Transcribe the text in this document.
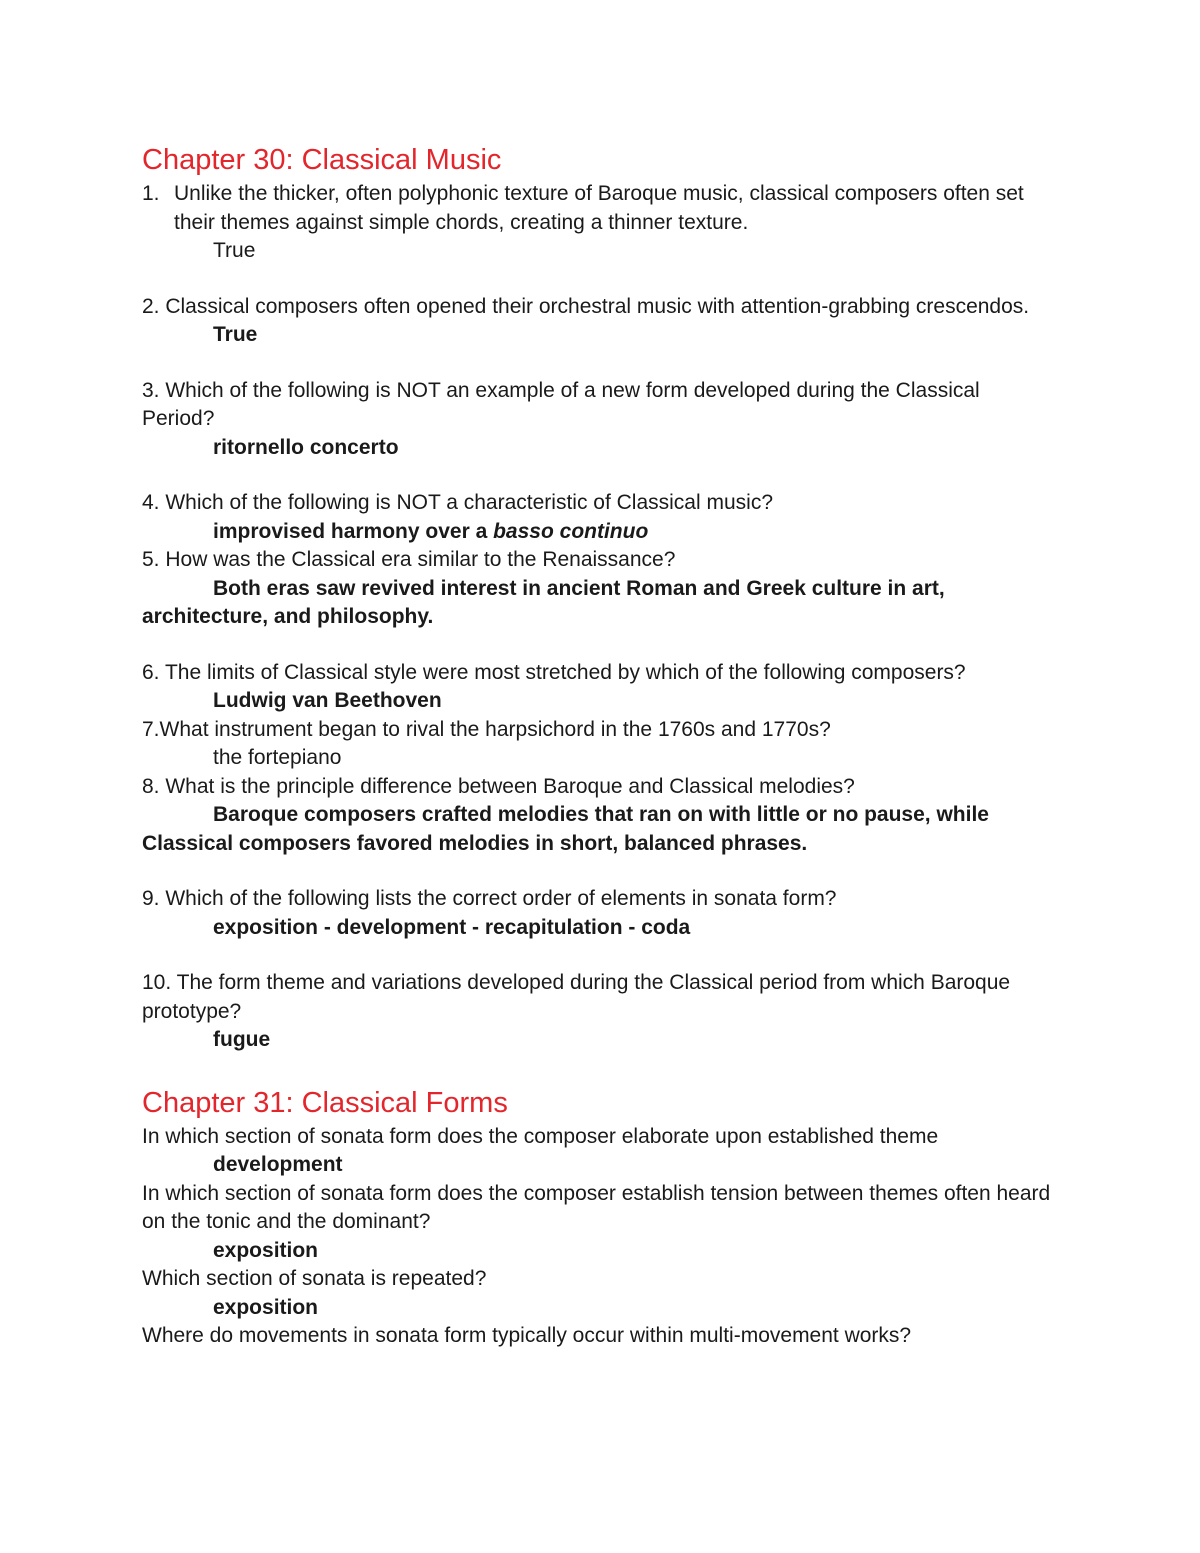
Chapter 30: Classical Music
1. Unlike the thicker, often polyphonic texture of Baroque music, classical composers often set their themes against simple chords, creating a thinner texture.

True

2. Classical composers often opened their orchestral music with attention-grabbing crescendos.

True

3. Which of the following is NOT an example of a new form developed during the Classical Period?

ritornello concerto

4. Which of the following is NOT a characteristic of Classical music?

improvised harmony over a basso continuo

5. How was the Classical era similar to the Renaissance?

Both eras saw revived interest in ancient Roman and Greek culture in art, architecture, and philosophy.

6. The limits of Classical style were most stretched by which of the following composers?

Ludwig van Beethoven

7.What instrument began to rival the harpsichord in the 1760s and 1770s?

the fortepiano

8. What is the principle difference between Baroque and Classical melodies?

Baroque composers crafted melodies that ran on with little or no pause, while Classical composers favored melodies in short, balanced phrases.

9. Which of the following lists the correct order of elements in sonata form?

exposition - development - recapitulation - coda

10. The form theme and variations developed during the Classical period from which Baroque prototype?

fugue

Chapter 31: Classical Forms

In which section of sonata form does the composer elaborate upon established theme

development

In which section of sonata form does the composer establish tension between themes often heard on the tonic and the dominant?

exposition

Which section of sonata is repeated?

exposition

Where do movements in sonata form typically occur within multi-movement works?
